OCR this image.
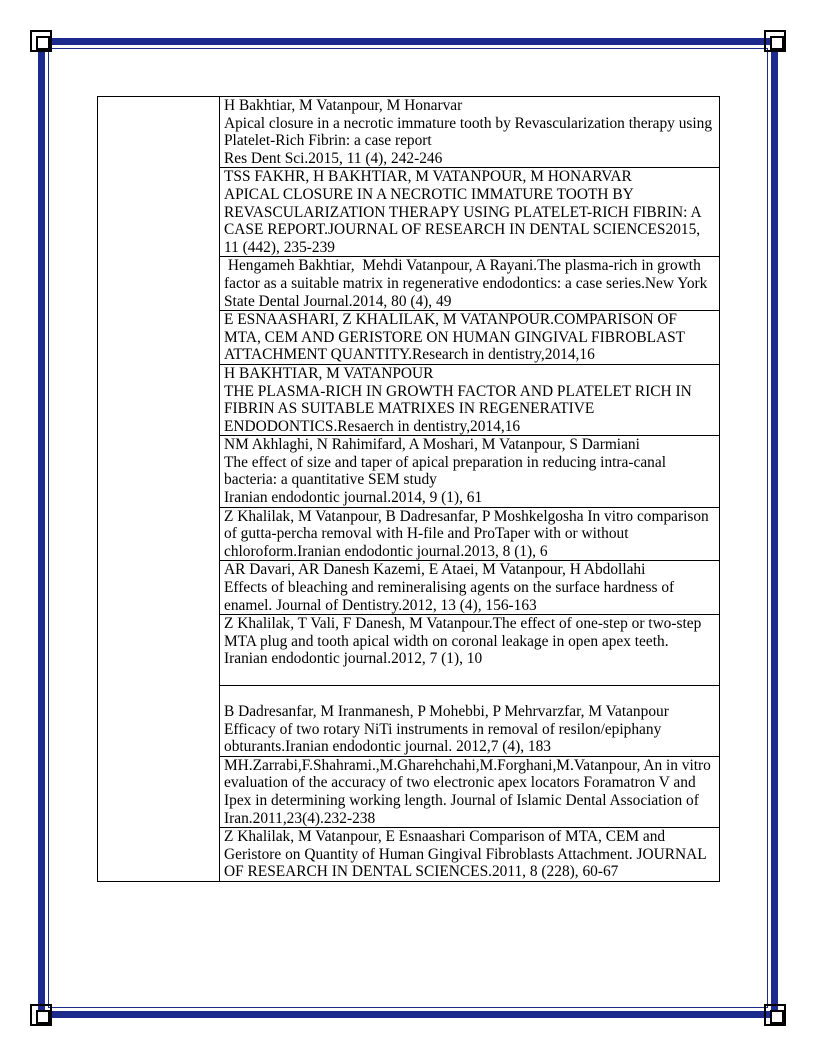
H Bakhtiar, M Vatanpour, M Honarvar
Apical closure in a necrotic immature tooth by Revascularization therapy using Platelet-Rich Fibrin: a case report
Res Dent Sci.2015, 11 (4), 242-246

TSS FAKHR, H BAKHTIAR, M VATANPOUR, M HONARVAR
APICAL CLOSURE IN A NECROTIC IMMATURE TOOTH BY REVASCULARIZATION THERAPY USING PLATELET-RICH FIBRIN: A CASE REPORT.JOURNAL OF RESEARCH IN DENTAL SCIENCES2015, 11 (442), 235-239

Hengameh Bakhtiar,  Mehdi Vatanpour, A Rayani.The plasma-rich in growth factor as a suitable matrix in regenerative endodontics: a case series.New York State Dental Journal.2014, 80 (4), 49

E ESNAASHARI, Z KHALILAK, M VATANPOUR.COMPARISON OF MTA, CEM AND GERISTORE ON HUMAN GINGIVAL FIBROBLAST ATTACHMENT QUANTITY.Research in dentistry,2014,16

H BAKHTIAR, M VATANPOUR
THE PLASMA-RICH IN GROWTH FACTOR AND PLATELET RICH IN FIBRIN AS SUITABLE MATRIXES IN REGENERATIVE ENDODONTICS.Resaerch in dentistry,2014,16

NM Akhlaghi, N Rahimifard, A Moshari, M Vatanpour, S Darmiani
The effect of size and taper of apical preparation in reducing intra-canal bacteria: a quantitative SEM study
Iranian endodontic journal.2014, 9 (1), 61

Z Khalilak, M Vatanpour, B Dadresanfar, P Moshkelgosha In vitro comparison of gutta-percha removal with H-file and ProTaper with or without chloroform.Iranian endodontic journal.2013, 8 (1), 6

AR Davari, AR Danesh Kazemi, E Ataei, M Vatanpour, H Abdollahi
Effects of bleaching and remineralising agents on the surface hardness of enamel. Journal of Dentistry.2012, 13 (4), 156-163

Z Khalilak, T Vali, F Danesh, M Vatanpour.The effect of one-step or two-step MTA plug and tooth apical width on coronal leakage in open apex teeth. Iranian endodontic journal.2012, 7 (1), 10

B Dadresanfar, M Iranmanesh, P Mohebbi, P Mehrvarzfar, M Vatanpour
Efficacy of two rotary NiTi instruments in removal of resilon/epiphany obturants.Iranian endodontic journal. 2012,7 (4), 183

MH.Zarrabi,F.Shahrami.,M.Gharehchahi,M.Forghani,M.Vatanpour, An in vitro evaluation of the accuracy of two electronic apex locators Foramatron V and Ipex in determining working length. Journal of Islamic Dental Association of Iran.2011,23(4).232-238

Z Khalilak, M Vatanpour, E Esnaashari Comparison of MTA, CEM and Geristore on Quantity of Human Gingival Fibroblasts Attachment. JOURNAL OF RESEARCH IN DENTAL SCIENCES.2011, 8 (228), 60-67
